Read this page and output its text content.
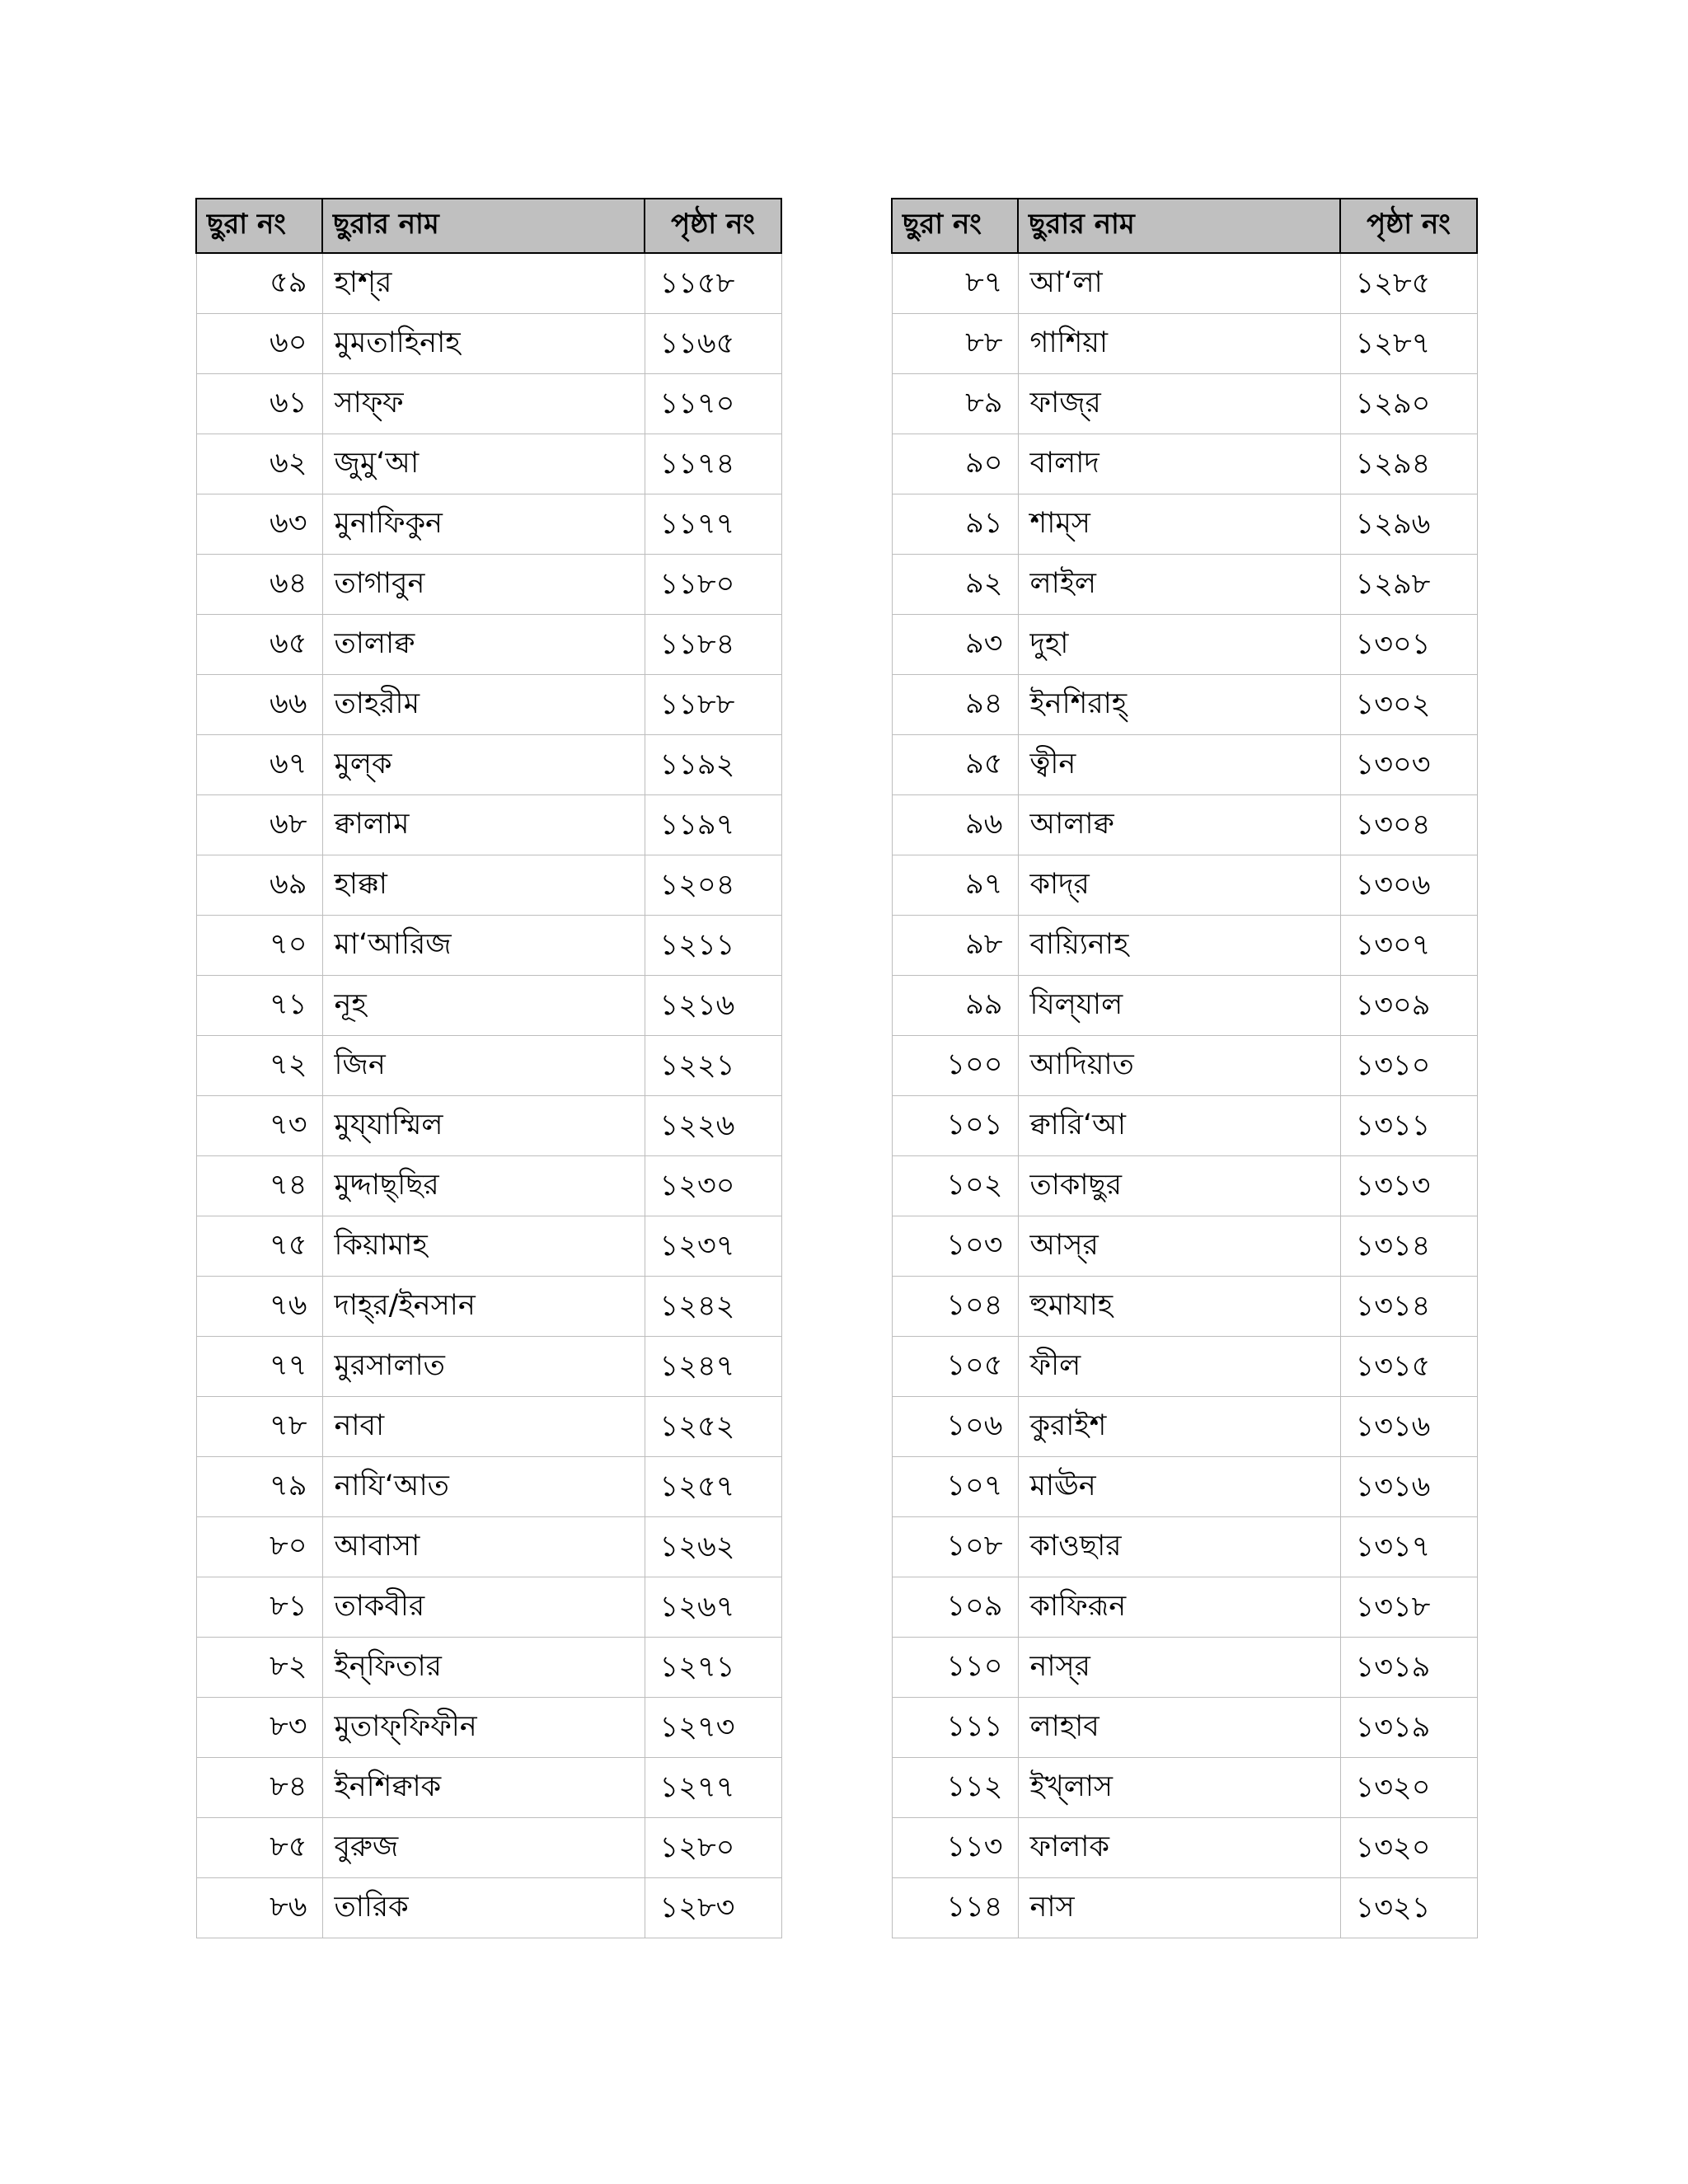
ছুরা নং	ছুরার নাম	পৃষ্ঠা নং
৫৯	হাশ্‌র	১১৫৮
৬০	মুমতাহিনাহ	১১৬৫
৬১	সাফ্‌ফ	১১৭০
৬২	জুমু‘আ	১১৭৪
৬৩	মুনাফিকুন	১১৭৭
৬৪	তাগাবুন	১১৮০
৬৫	তালাক্ব	১১৮৪
৬৬	তাহরীম	১১৮৮
৬৭	মুল্‌ক	১১৯২
৬৮	ক্বালাম	১১৯৭
৬৯	হাক্কা	১২০৪
৭০	মা‘আরিজ	১২১১
৭১	নূহ	১২১৬
৭২	জিন	১২২১
৭৩	মুয্‌যাম্মিল	১২২৬
৭৪	মুদ্দাছ্‌ছির	১২৩০
৭৫	কিয়ামাহ	১২৩৭
৭৬	দাহ্‌র/ইনসান	১২৪২
৭৭	মুরসালাত	১২৪৭
৭৮	নাবা	১২৫২
৭৯	নাযি‘আত	১২৫৭
৮০	আবাসা	১২৬২
৮১	তাকবীর	১২৬৭
৮২	ইন্‌ফিতার	১২৭১
৮৩	মুতাফ্‌ফিফীন	১২৭৩
৮৪	ইনশিক্বাক	১২৭৭
৮৫	বুরুজ	১২৮০
৮৬	তারিক	১২৮৩
ছুরা নং	ছুরার নাম	পৃষ্ঠা নং
৮৭	আ‘লা	১২৮৫
৮৮	গাশিয়া	১২৮৭
৮৯	ফাজ্‌র	১২৯০
৯০	বালাদ	১২৯৪
৯১	শাম্‌স	১২৯৬
৯২	লাইল	১২৯৮
৯৩	দুহা	১৩০১
৯৪	ইনশিরাহ্	১৩০২
৯৫	ত্বীন	১৩০৩
৯৬	আলাক্ব	১৩০৪
৯৭	কাদ্‌র	১৩০৬
৯৮	বায়্যিনাহ	১৩০৭
৯৯	যিল্‌যাল	১৩০৯
১০০	আদিয়াত	১৩১০
১০১	ক্বারি‘আ	১৩১১
১০২	তাকাছুর	১৩১৩
১০৩	আস্‌র	১৩১৪
১০৪	হুমাযাহ	১৩১৪
১০৫	ফীল	১৩১৫
১০৬	কুরাইশ	১৩১৬
১০৭	মাঊন	১৩১৬
১০৮	কাওছার	১৩১৭
১০৯	কাফিরূন	১৩১৮
১১০	নাস্‌র	১৩১৯
১১১	লাহাব	১৩১৯
১১২	ইখ্‌লাস	১৩২০
১১৩	ফালাক	১৩২০
১১৪	নাস	১৩২১
